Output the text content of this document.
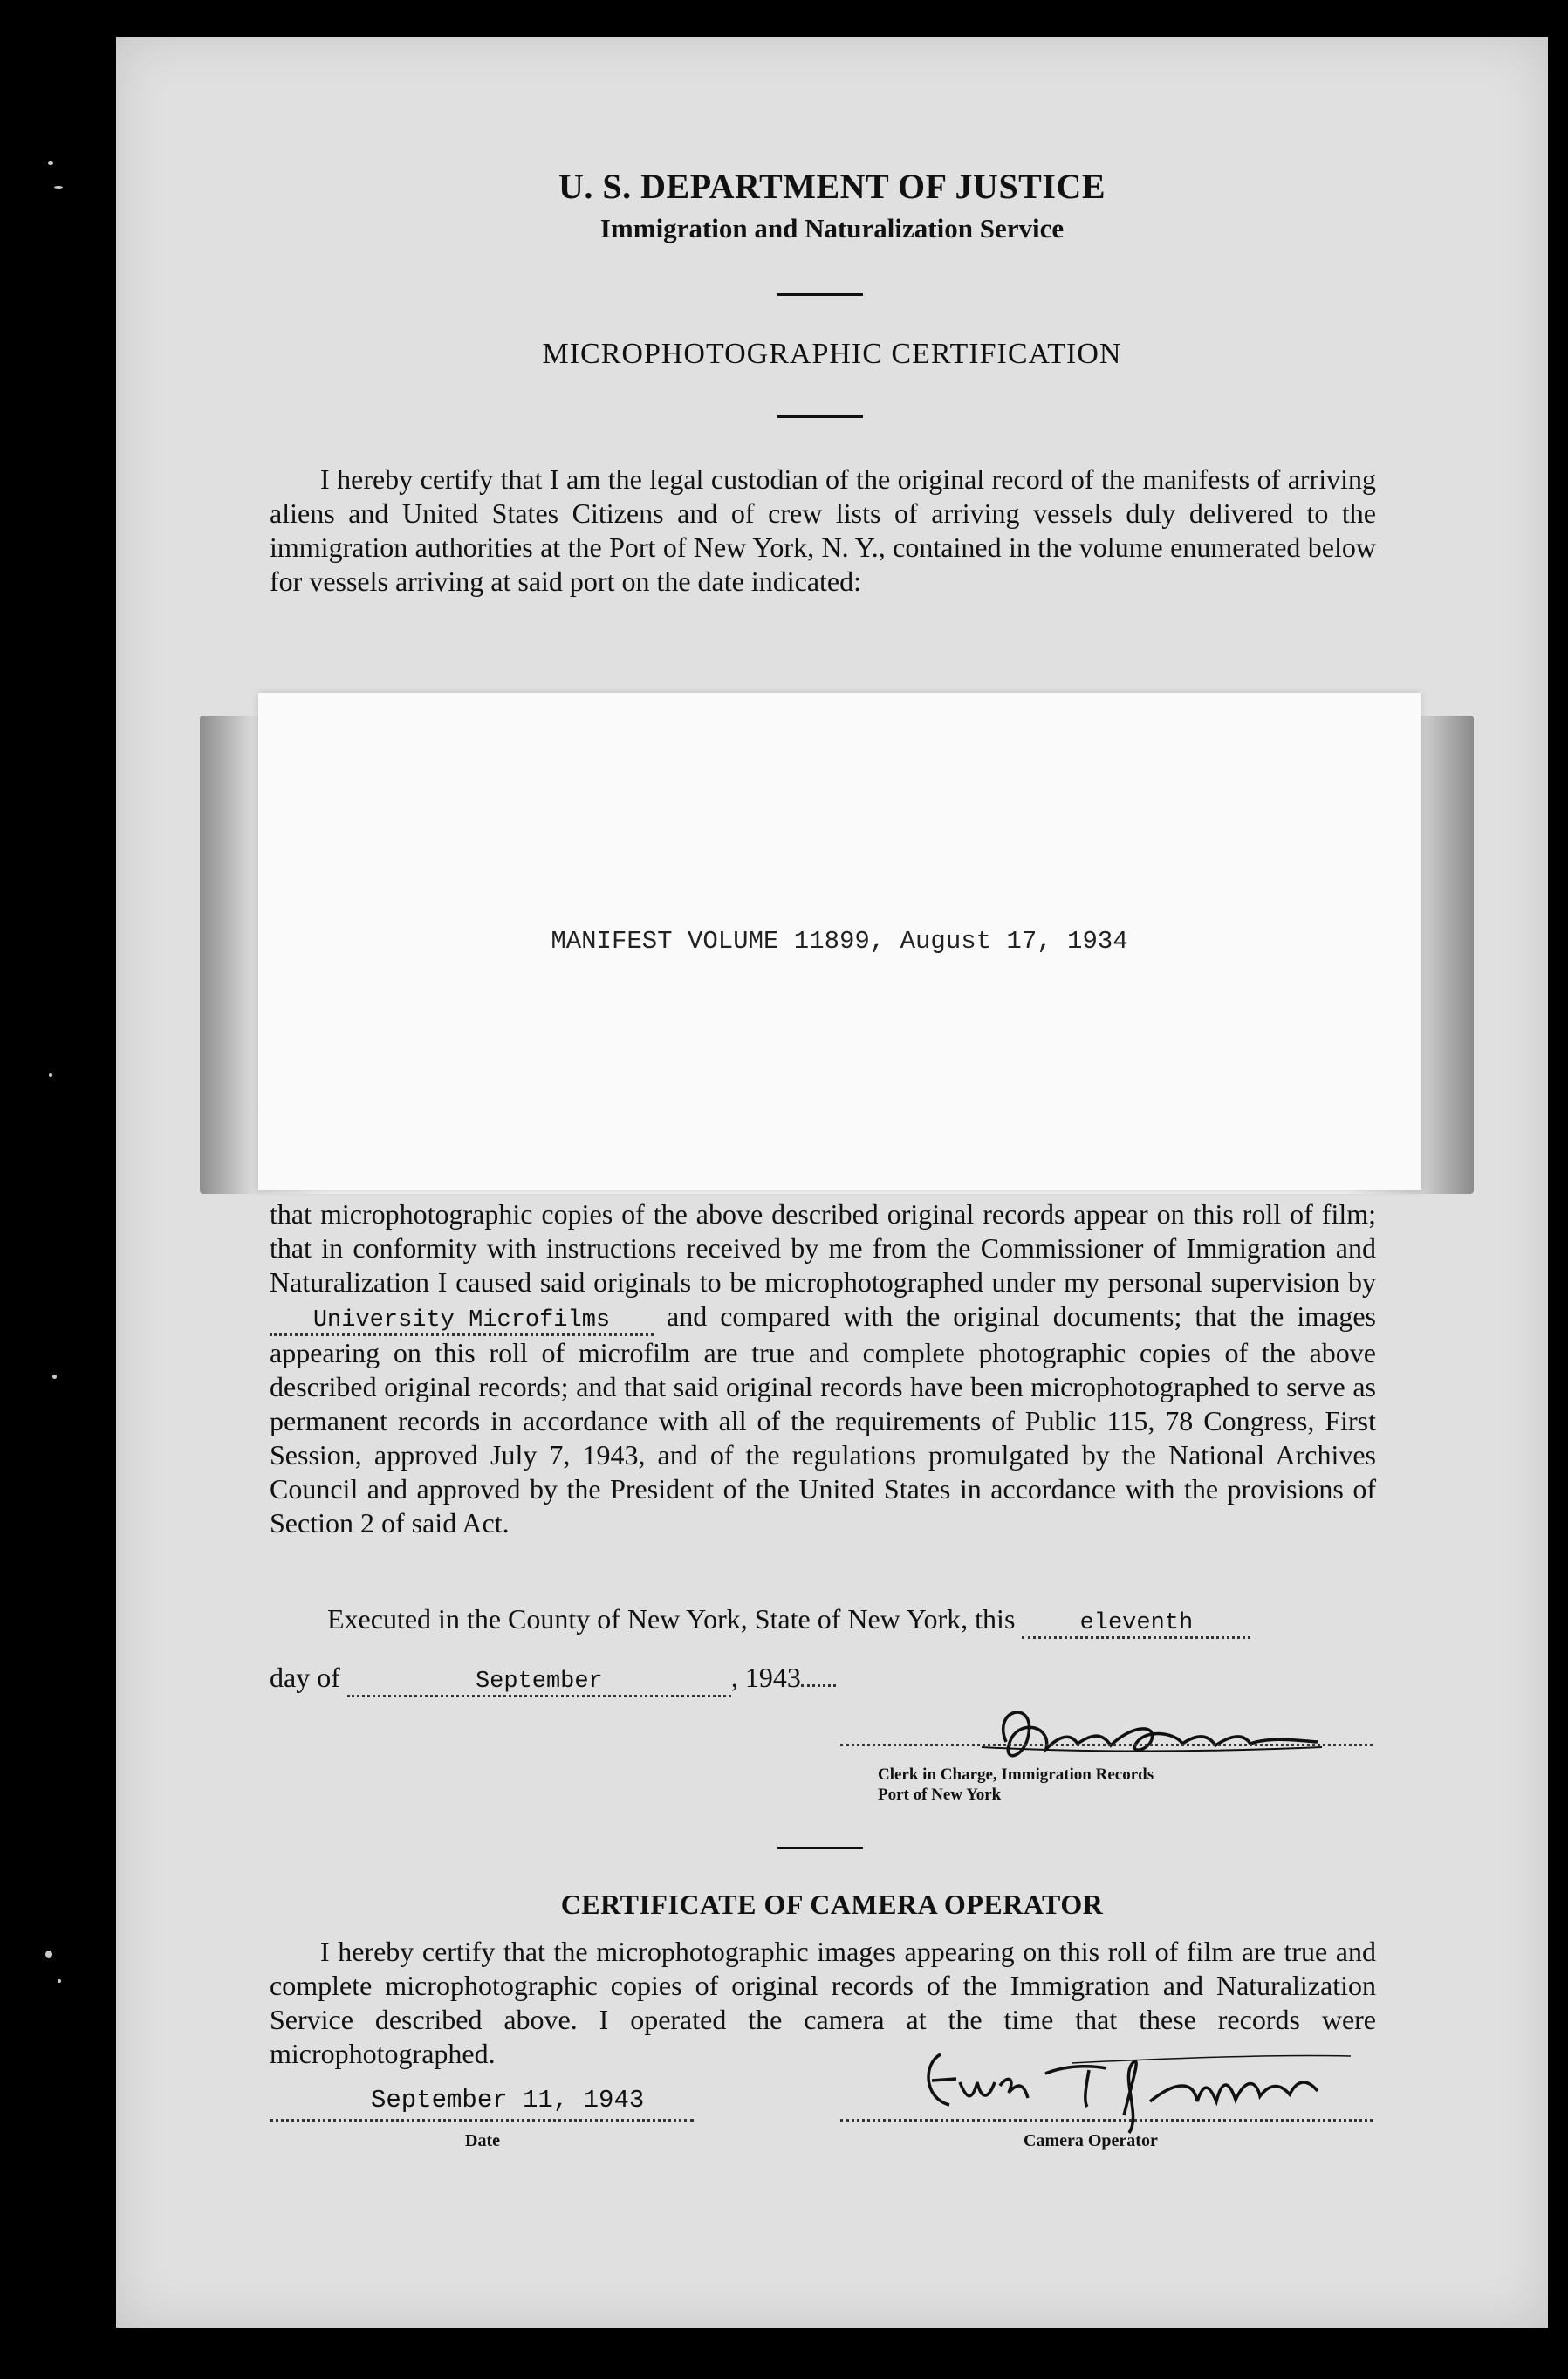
U. S. DEPARTMENT OF JUSTICE
Immigration and Naturalization Service
MICROPHOTOGRAPHIC CERTIFICATION

I hereby certify that I am the legal custodian of the original record of the manifests of arriving aliens and United States Citizens and of crew lists of arriving vessels duly delivered to the immigration authorities at the Port of New York, N. Y., contained in the volume enumerated below for vessels arriving at said port on the date indicated:

MANIFEST VOLUME 11899, August 17, 1934
that microphotographic copies of the above described original records appear on this roll of film; that in conformity with instructions received by me from the Commissioner of Immigration and Naturalization I caused said originals to be microphotographed under my personal supervision by University Microfilms and compared with the original documents; that the images appearing on this roll of microfilm are true and complete photographic copies of the above described original records; and that said original records have been microphotographed to serve as permanent records in accordance with all of the requirements of Public 115, 78 Congress, First Session, approved July 7, 1943, and of the regulations promulgated by the National Archives Council and approved by the President of the United States in accordance with the provisions of Section 2 of said Act.
Executed in the County of New York, State of New York, this	eleventh
day of	September	, 1943
Clerk in Charge, Immigration Records
Port of New York
CERTIFICATE OF CAMERA OPERATOR

I hereby certify that the microphotographic images appearing on this roll of film are true and complete microphotographic copies of original records of the Immigration and Naturalization Service described above. I operated the camera at the time that these records were microphotographed.

September 11, 1943
Date	Camera Operator
